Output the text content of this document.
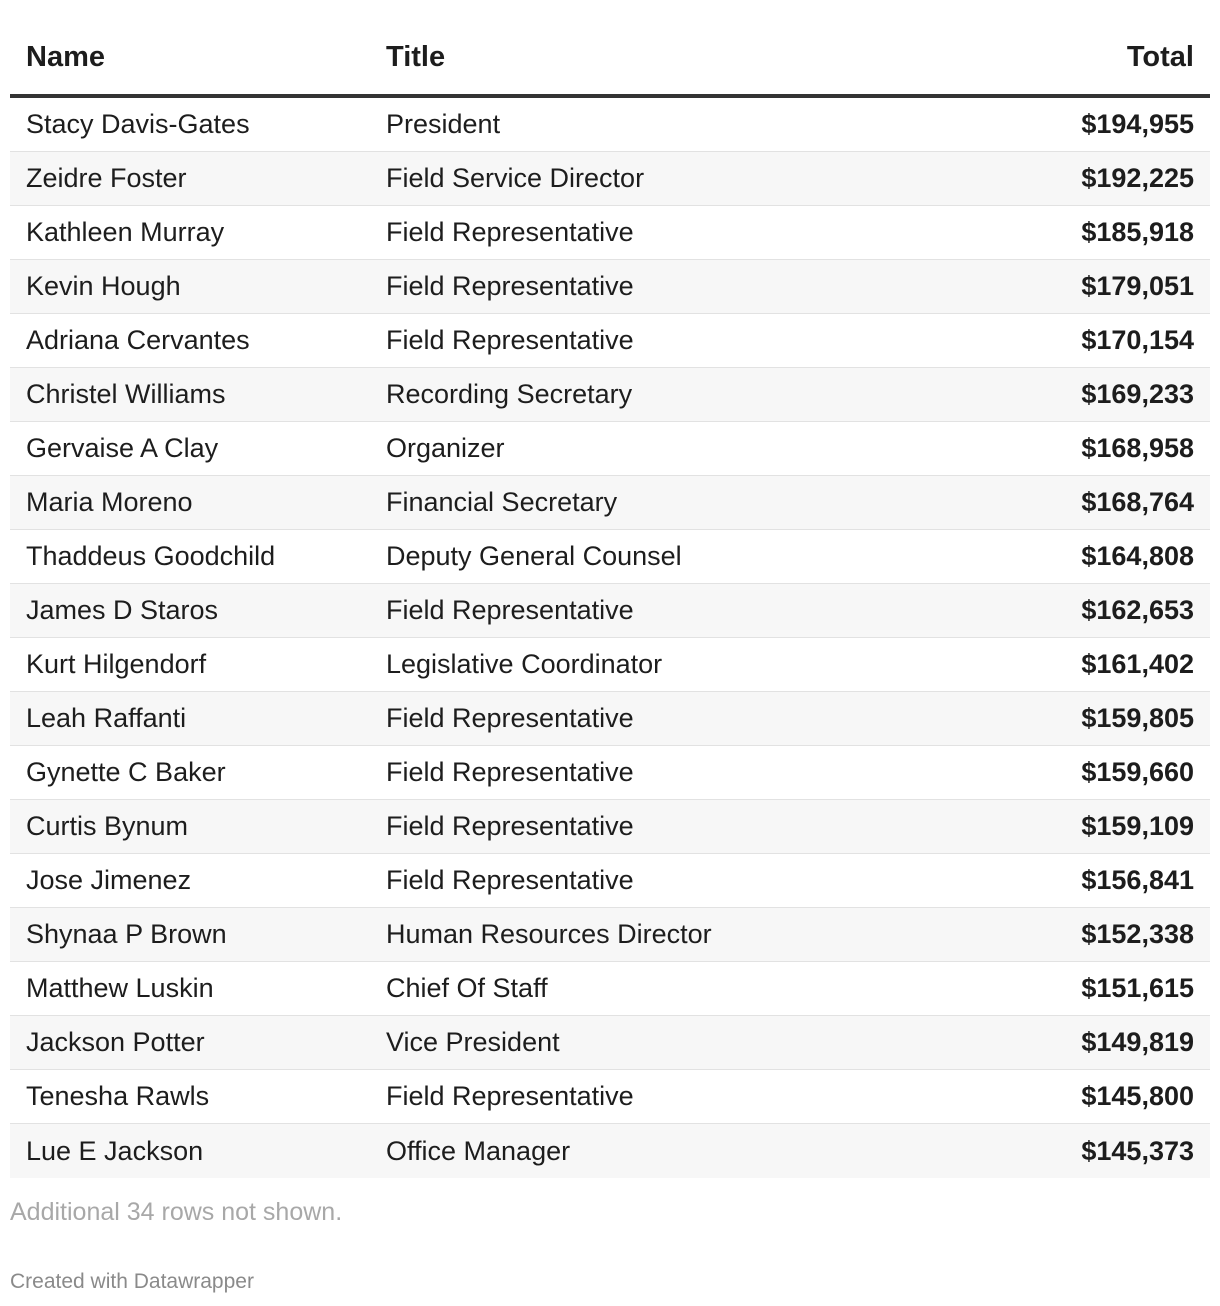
Name	Title	Total
Stacy Davis-Gates	President	$194,955
Zeidre Foster	Field Service Director	$192,225
Kathleen Murray	Field Representative	$185,918
Kevin Hough	Field Representative	$179,051
Adriana Cervantes	Field Representative	$170,154
Christel Williams	Recording Secretary	$169,233
Gervaise A Clay	Organizer	$168,958
Maria Moreno	Financial Secretary	$168,764
Thaddeus Goodchild	Deputy General Counsel	$164,808
James D Staros	Field Representative	$162,653
Kurt Hilgendorf	Legislative Coordinator	$161,402
Leah Raffanti	Field Representative	$159,805
Gynette C Baker	Field Representative	$159,660
Curtis Bynum	Field Representative	$159,109
Jose Jimenez	Field Representative	$156,841
Shynaa P Brown	Human Resources Director	$152,338
Matthew Luskin	Chief Of Staff	$151,615
Jackson Potter	Vice President	$149,819
Tenesha Rawls	Field Representative	$145,800
Lue E Jackson	Office Manager	$145,373
Additional 34 rows not shown.
Created with Datawrapper
